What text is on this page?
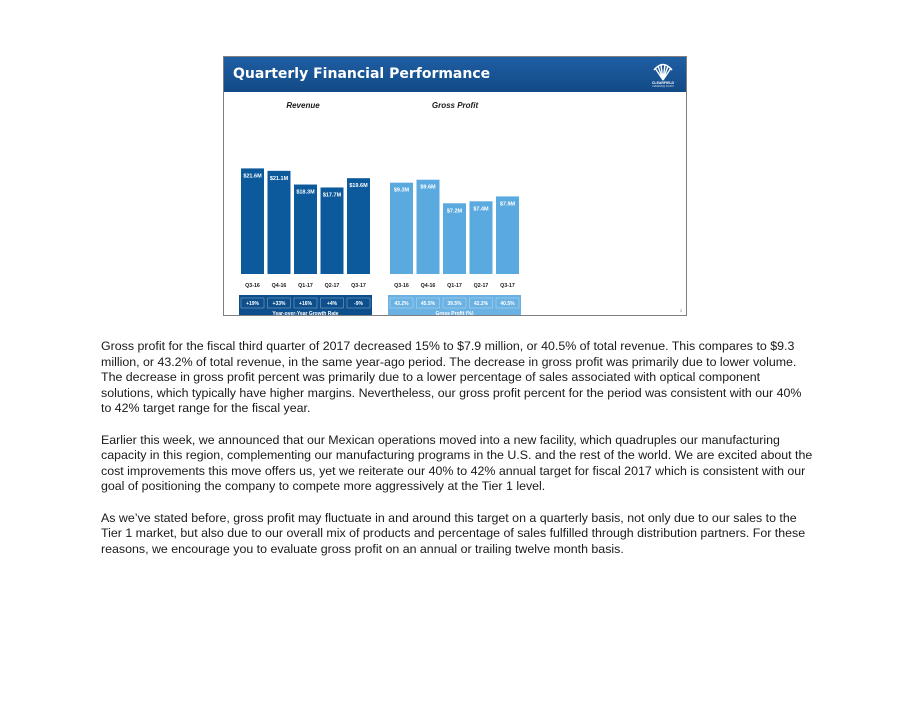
Quarterly Financial Performance
CLEARFIELD
NASDAQ:CLFD
Revenue
$21.6M
Q3-16
$21.1M
Q4-16
$18.3M
Q1-17
$17.7M
Q2-17
$19.6M
Q3-17
+19%	+33%	+16%	+4%	-9%
Year-over-Year Growth Rate
Gross Profit
$9.3M
Q3-16
$9.6M
Q4-16
$7.2M
Q1-17
$7.4M
Q2-17
$7.9M
Q3-17
43.2% 45.5% 39.5% 42.2% 40.5%
Gross Profit (%)
3

Gross profit for the fiscal third quarter of 2017 decreased 15% to $7.9 million, or 40.5% of total revenue. This compares to $9.3 million, or 43.2% of total revenue, in the same year-ago period. The decrease in gross profit was primarily due to lower volume. The decrease in gross profit percent was primarily due to a lower percentage of sales associated with optical component solutions, which typically have higher margins. Nevertheless, our gross profit percent for the period was consistent with our 40% to 42% target range for the fiscal year.

Earlier this week, we announced that our Mexican operations moved into a new facility, which quadruples our manufacturing capacity in this region, complementing our manufacturing programs in the U.S. and the rest of the world. We are excited about the cost improvements this move offers us, yet we reiterate our 40% to 42% annual target for fiscal 2017 which is consistent with our goal of positioning the company to compete more aggressively at the Tier 1 level.

As we’ve stated before, gross profit may fluctuate in and around this target on a quarterly basis, not only due to our sales to the Tier 1 market, but also due to our overall mix of products and percentage of sales fulfilled through distribution partners. For these reasons, we encourage you to evaluate gross profit on an annual or trailing twelve month basis.
